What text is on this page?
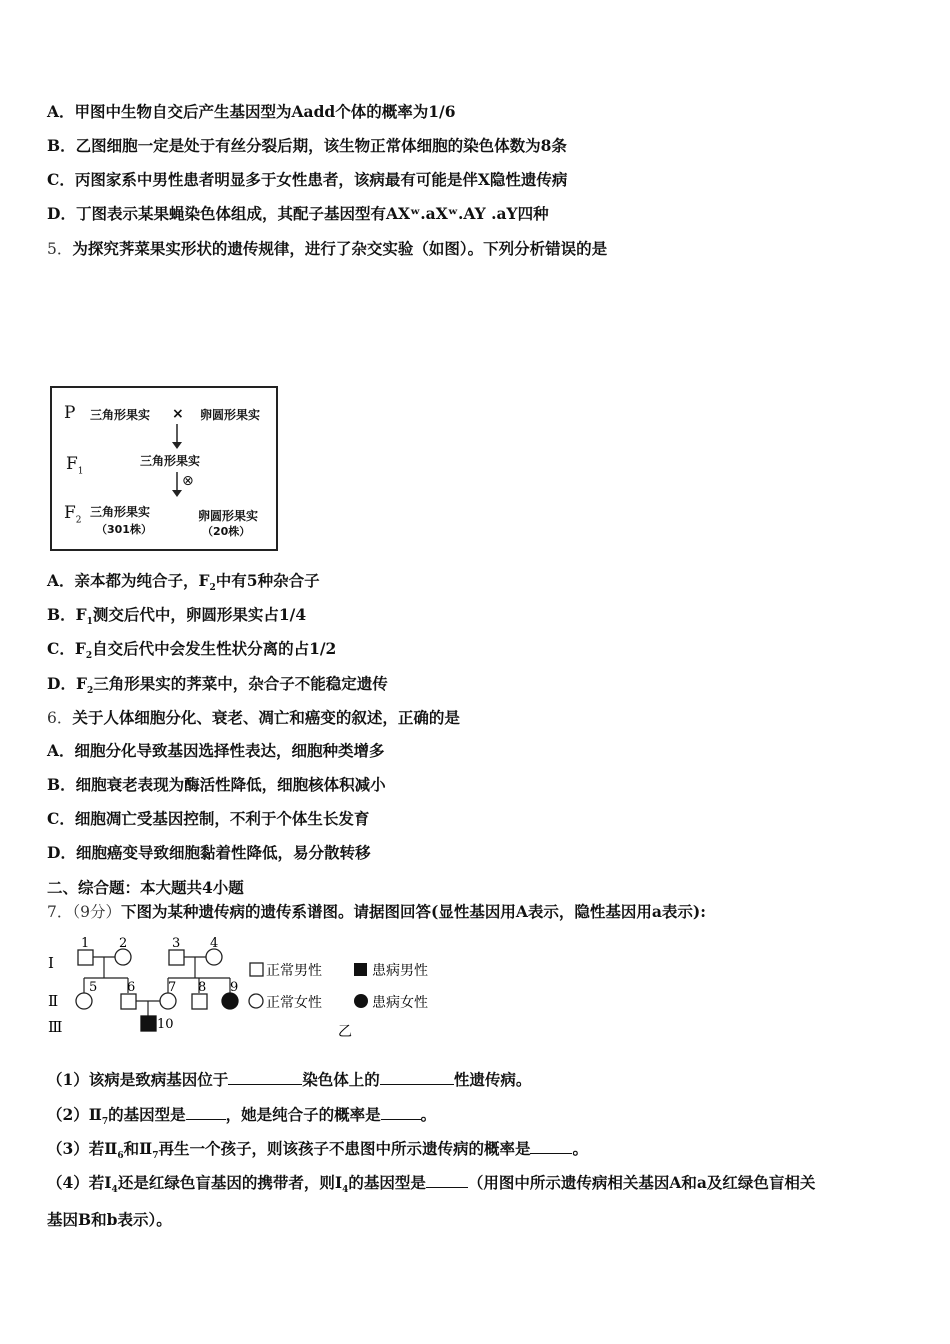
A．甲图中生物自交后产生基因型为Aadd个体的概率为1/6
B．乙图细胞一定是处于有丝分裂后期，该生物正常体细胞的染色体数为8条
C．丙图家系中男性患者明显多于女性患者，该病最有可能是伴X隐性遗传病
D．丁图表示某果蝇染色体组成，其配子基因型有AXʷ.aXʷ.AY .aY四种
5．为探究荠菜果实形状的遗传规律，进行了杂交实验（如图）。下列分析错误的是
P 三角形果实 × 卵圆形果实
$F_1$
三角形果实
⊗
$F_2$
三角形果实
（301株）
卵圆形果实
（20株）
A．亲本都为纯合子，$F_2$中有5种杂合子
B．$F_1$测交后代中，卵圆形果实占1/4
C．$F_2$自交后代中会发生性状分离的占1/2
D．$F_2$三角形果实的荠菜中，杂合子不能稳定遗传
6．关于人体细胞分化、衰老、凋亡和癌变的叙述，正确的是
A．细胞分化导致基因选择性表达，细胞种类增多
B．细胞衰老表现为酶活性降低，细胞核体积减小
C．细胞凋亡受基因控制，不利于个体生长发育
D．细胞癌变导致细胞黏着性降低，易分散转移
二、综合题：本大题共4小题
7．（9分）下图为某种遗传病的遗传系谱图。请据图回答(显性基因用A表示，隐性基因用a表示):
Ⅰ
Ⅱ
Ⅲ
1 2	3 4
5 6	7 8 9
10
正常男性	患病男性
正常女性	患病女性
乙
（1）该病是致病基因位于	染色体上的	性遗传病。
$(2)Ⅱ_7$的基因型是	，她是纯合子的概率是	。
（3）若$Ⅱ_6$和$Ⅱ_7$再生一个孩子，则该孩子不患图中所示遗传病的概率是	。
（4）若$I_4$还是红绿色盲基因的携带者，则$I_4$的基因型是	（用图中所示遗传病相关基因A和a及红绿色盲相关
基因B和b表示）。
